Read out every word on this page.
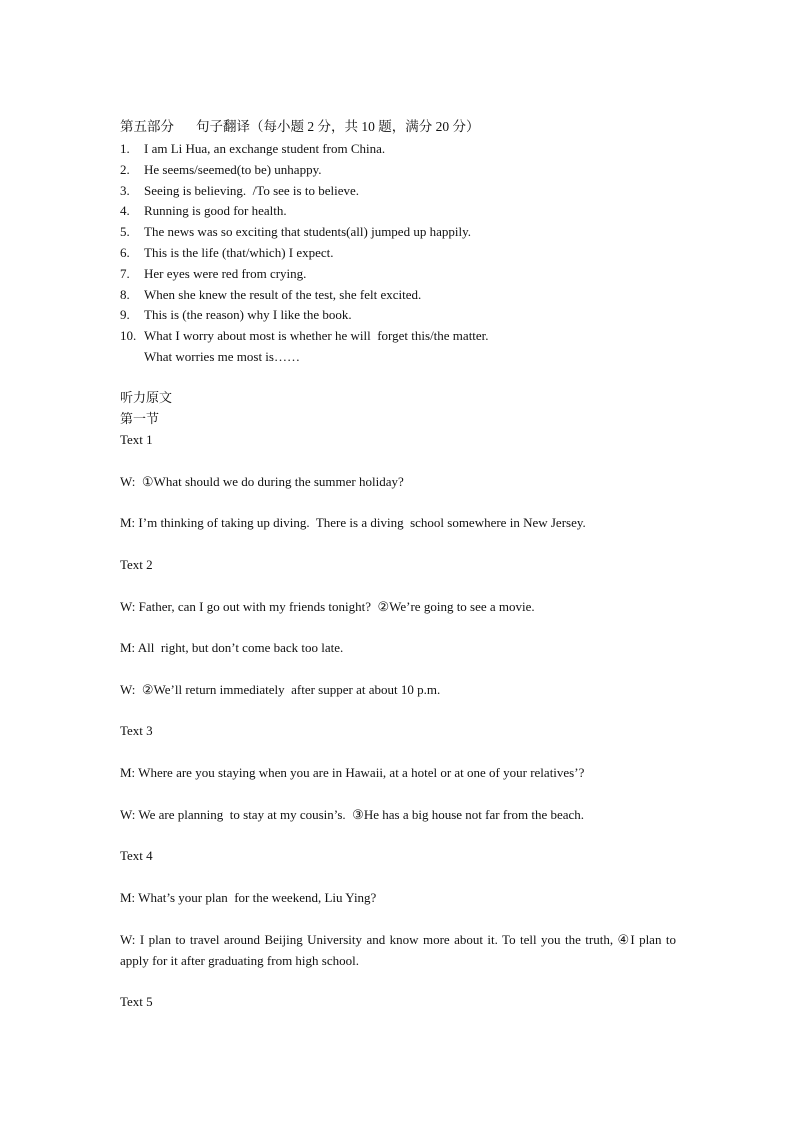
第五部分 句子翻译（每小题 2 分，共 10 题，满分 20 分）
1. I am Li Hua, an exchange student from China.
2. He seems/seemed(to be) unhappy.
3. Seeing is believing.  /To see is to believe.
4. Running is good for health.
5. The news was so exciting that students(all) jumped up happily.
6. This is the life (that/which) I expect.
7. Her eyes were red from crying.
8. When she knew the result of the test, she felt excited.
9. This is (the reason) why I like the book.
10. What I worry about most is whether he will  forget this/the matter.
What worries me most is……
听力原文
第一节
Text 1
W:  ①What should we do during the summer holiday?
M: I’m thinking of taking up diving.  There is a diving  school somewhere in New Jersey.
Text 2
W: Father, can I go out with my friends tonight?  ②We’re going to see a movie.
M: All  right, but don’t come back too late.
W:  ②We’ll return immediately  after supper at about 10 p.m.
Text 3
M: Where are you staying when you are in Hawaii, at a hotel or at one of your relatives’?
W: We are planning  to stay at my cousin’s.  ③He has a big house not far from the beach.
Text 4
M: What’s your plan  for the weekend, Liu Ying?
W: I plan to travel around Beijing University and know more about it. To tell you the truth, ④I plan to apply for it after graduating from high school.
Text 5
